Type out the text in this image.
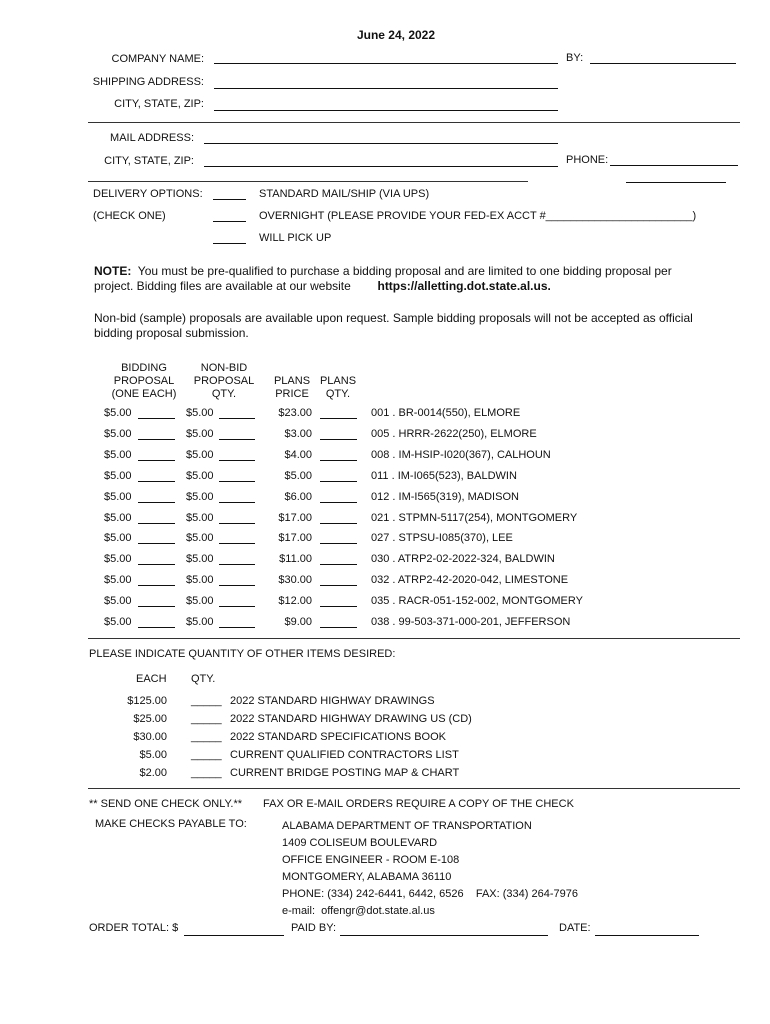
June 24, 2022
COMPANY NAME:	BY:
SHIPPING ADDRESS:
CITY, STATE, ZIP:
MAIL ADDRESS:
CITY, STATE, ZIP:	PHONE:
DELIVERY OPTIONS:
(CHECK ONE)
STANDARD MAIL/SHIP (VIA UPS)
OVERNIGHT (PLEASE PROVIDE YOUR FED-EX ACCT #________________________)
WILL PICK UP
NOTE: You must be pre-qualified to purchase a bidding proposal and are limited to one bidding proposal per project. Bidding files are available at our website https://alletting.dot.state.al.us.
Non-bid (sample) proposals are available upon request. Sample bidding proposals will not be accepted as official bidding proposal submission.
BIDDING
PROPOSAL
(ONE EACH)
NON-BID
PROPOSAL
QTY.
PLANS
PRICE
PLANS
QTY.
$5.00	$5.00	$23.00	001 . BR-0014(550), ELMORE
$5.00	$5.00	$3.00	005 . HRRR-2622(250), ELMORE
$5.00	$5.00	$4.00	008 . IM-HSIP-I020(367), CALHOUN
$5.00	$5.00	$5.00	011 . IM-I065(523), BALDWIN
$5.00	$5.00	$6.00	012 . IM-I565(319), MADISON
$5.00	$5.00	$17.00	021 . STPMN-5117(254), MONTGOMERY
$5.00	$5.00	$17.00	027 . STPSU-I085(370), LEE
$5.00	$5.00	$11.00	030 . ATRP2-02-2022-324, BALDWIN
$5.00	$5.00	$30.00	032 . ATRP2-42-2020-042, LIMESTONE
$5.00	$5.00	$12.00	035 . RACR-051-152-002, MONTGOMERY
$5.00	$5.00	$9.00	038 . 99-503-371-000-201, JEFFERSON
PLEASE INDICATE QUANTITY OF OTHER ITEMS DESIRED:
EACH QTY.
$125.00 _____ 2022 STANDARD HIGHWAY DRAWINGS
$25.00 _____ 2022 STANDARD HIGHWAY DRAWING US (CD)
$30.00 _____ 2022 STANDARD SPECIFICATIONS BOOK
$5.00 _____ CURRENT QUALIFIED CONTRACTORS LIST
$2.00 _____ CURRENT BRIDGE POSTING MAP & CHART
** SEND ONE CHECK ONLY.** FAX OR E-MAIL ORDERS REQUIRE A COPY OF THE CHECK
MAKE CHECKS PAYABLE TO:	ALABAMA DEPARTMENT OF TRANSPORTATION
1409 COLISEUM BOULEVARD
OFFICE ENGINEER - ROOM E-108
MONTGOMERY, ALABAMA 36110
PHONE: (334) 242-6441, 6442, 6526    FAX: (334) 264-7976
e-mail:  offengr@dot.state.al.us
ORDER TOTAL: $	PAID BY:	DATE:
